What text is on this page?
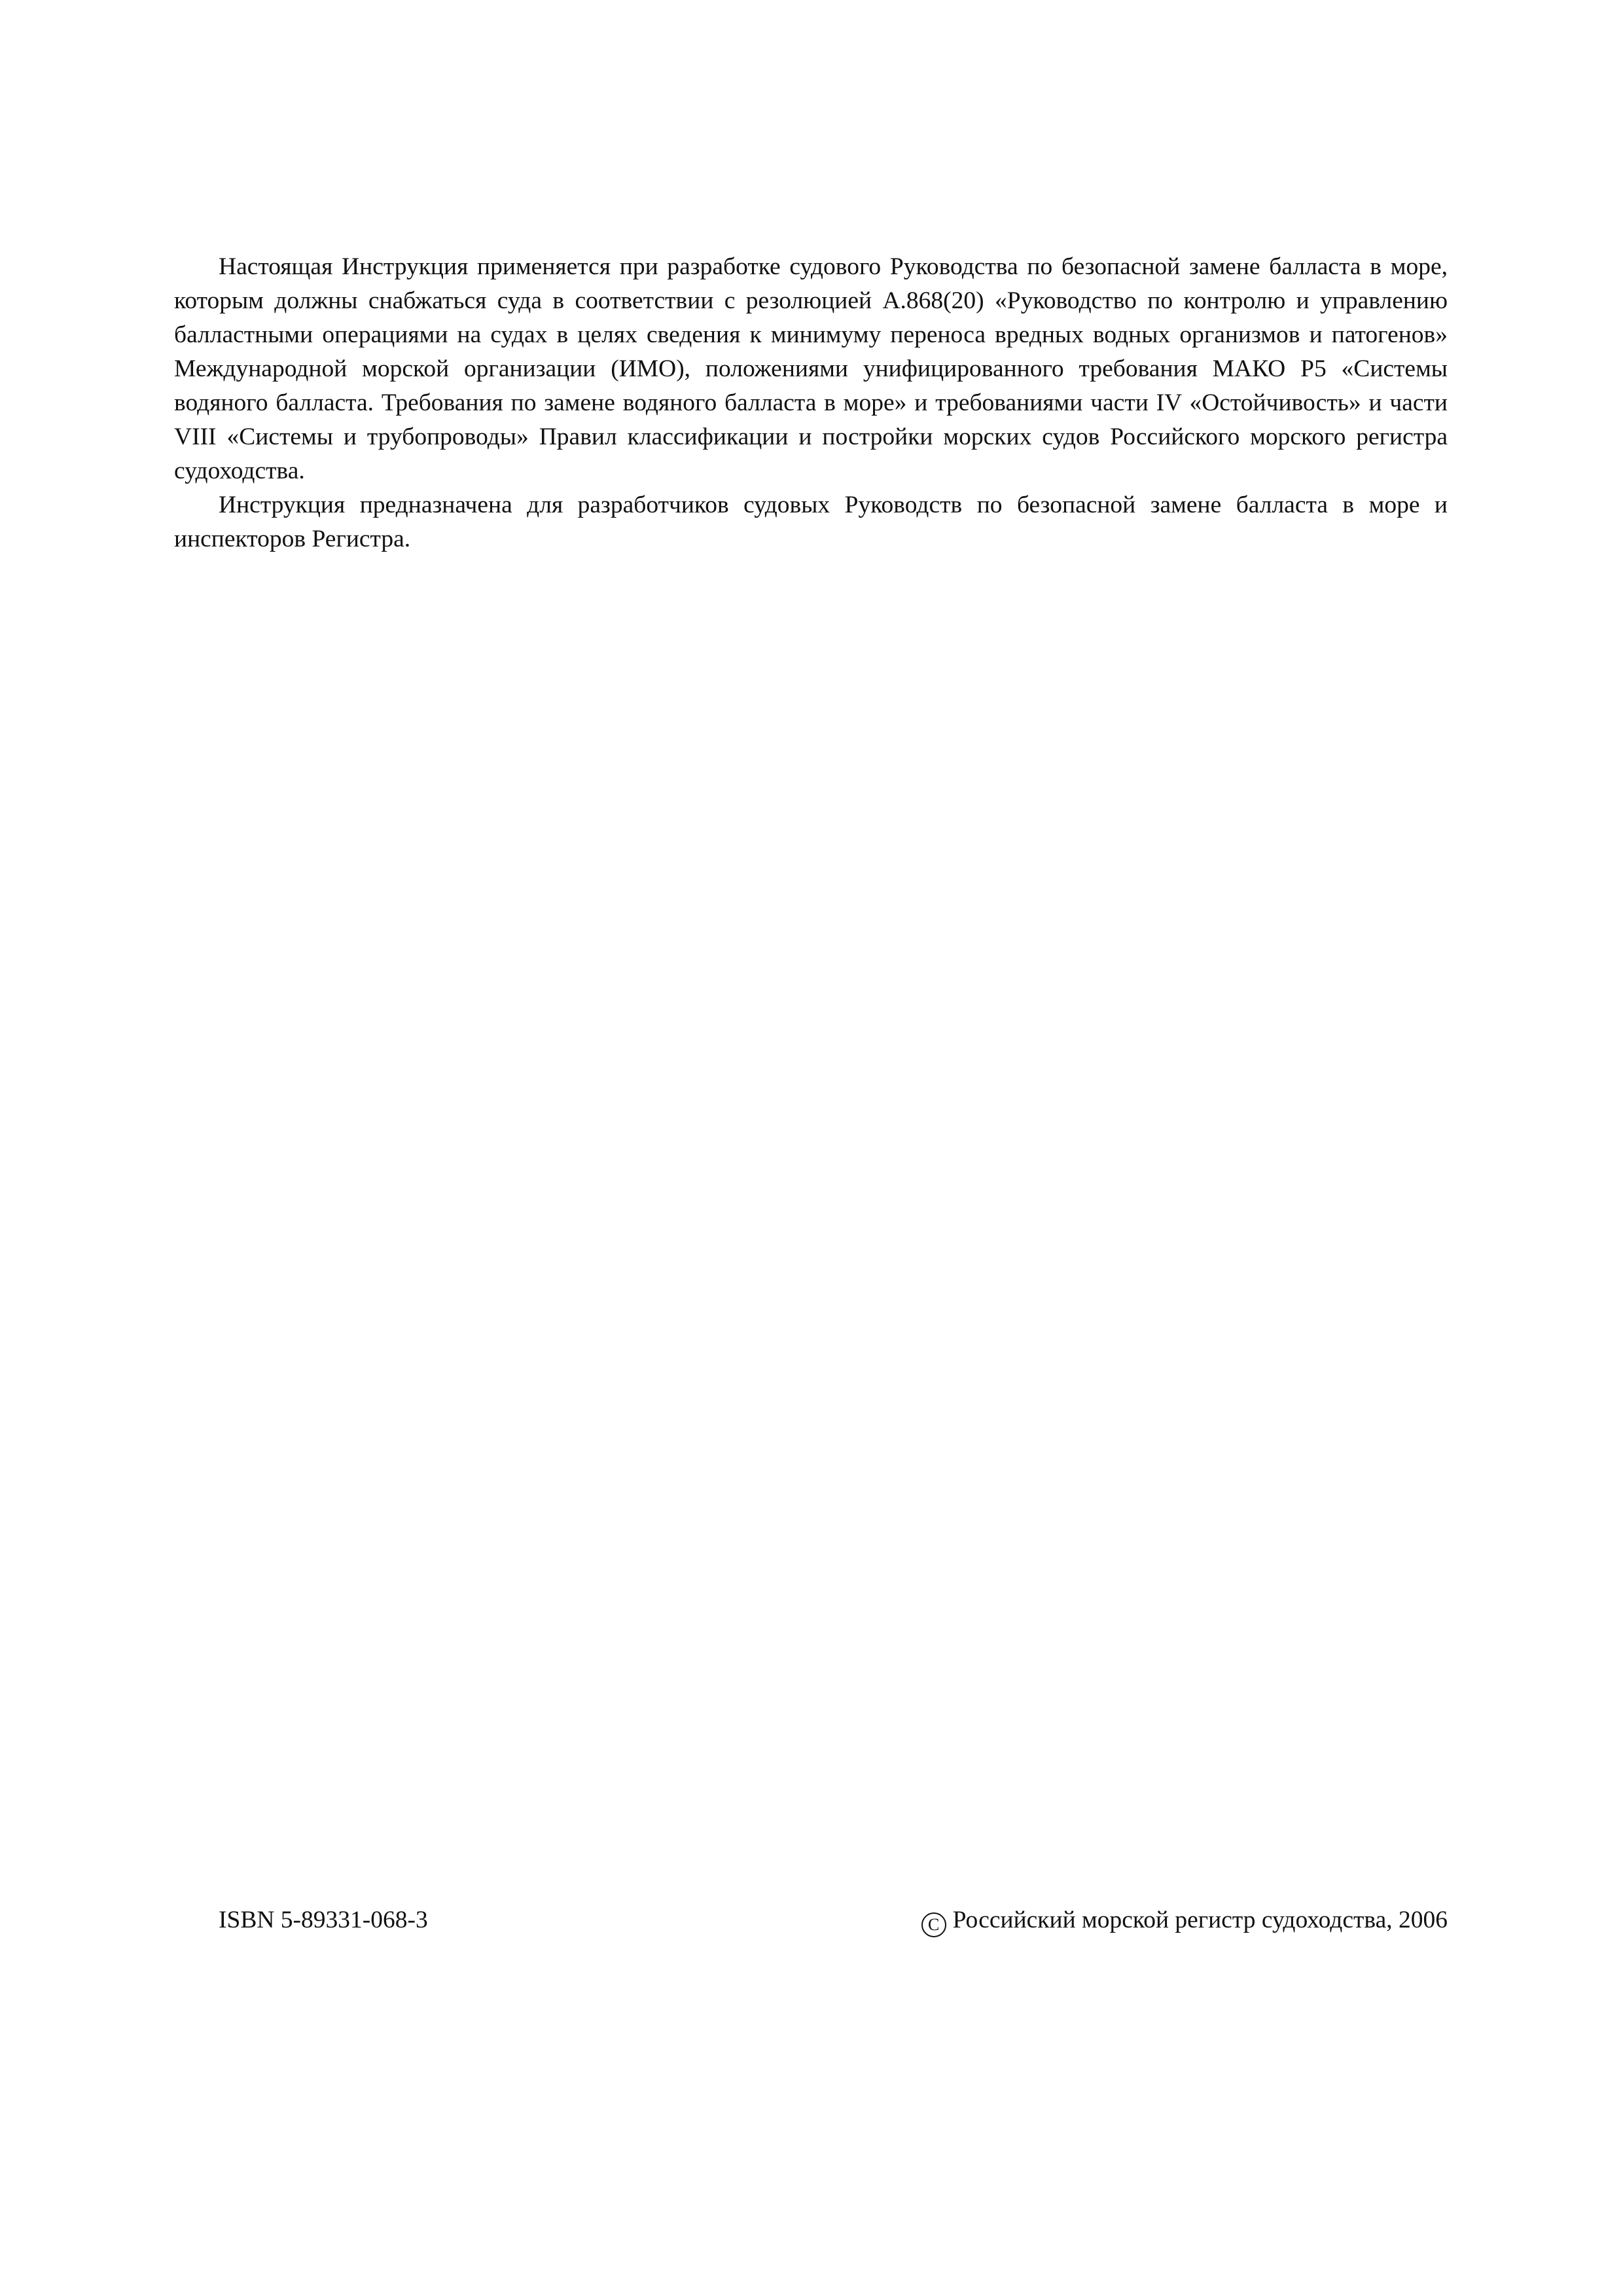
Настоящая Инструкция применяется при разработке судового Руководства по безопасной замене балласта в море, которым должны снабжаться суда в соответствии с резолюцией А.868(20) «Руководство по контролю и управлению балластными операциями на судах в целях сведения к минимуму переноса вредных водных организмов и патогенов» Международной морской организации (ИМО), положениями унифицированного требования МАКО Р5 «Системы водяного балласта. Требования по замене водяного балласта в море» и требованиями части IV «Остойчивость» и части VIII «Системы и трубопроводы» Правил классификации и постройки морских судов Российского морского регистра судоходства.

Инструкция предназначена для разработчиков судовых Руководств по безопасной замене балласта в море и инспекторов Регистра.

ISBN 5-89331-068-3	C Российский морской регистр судоходства, 2006
